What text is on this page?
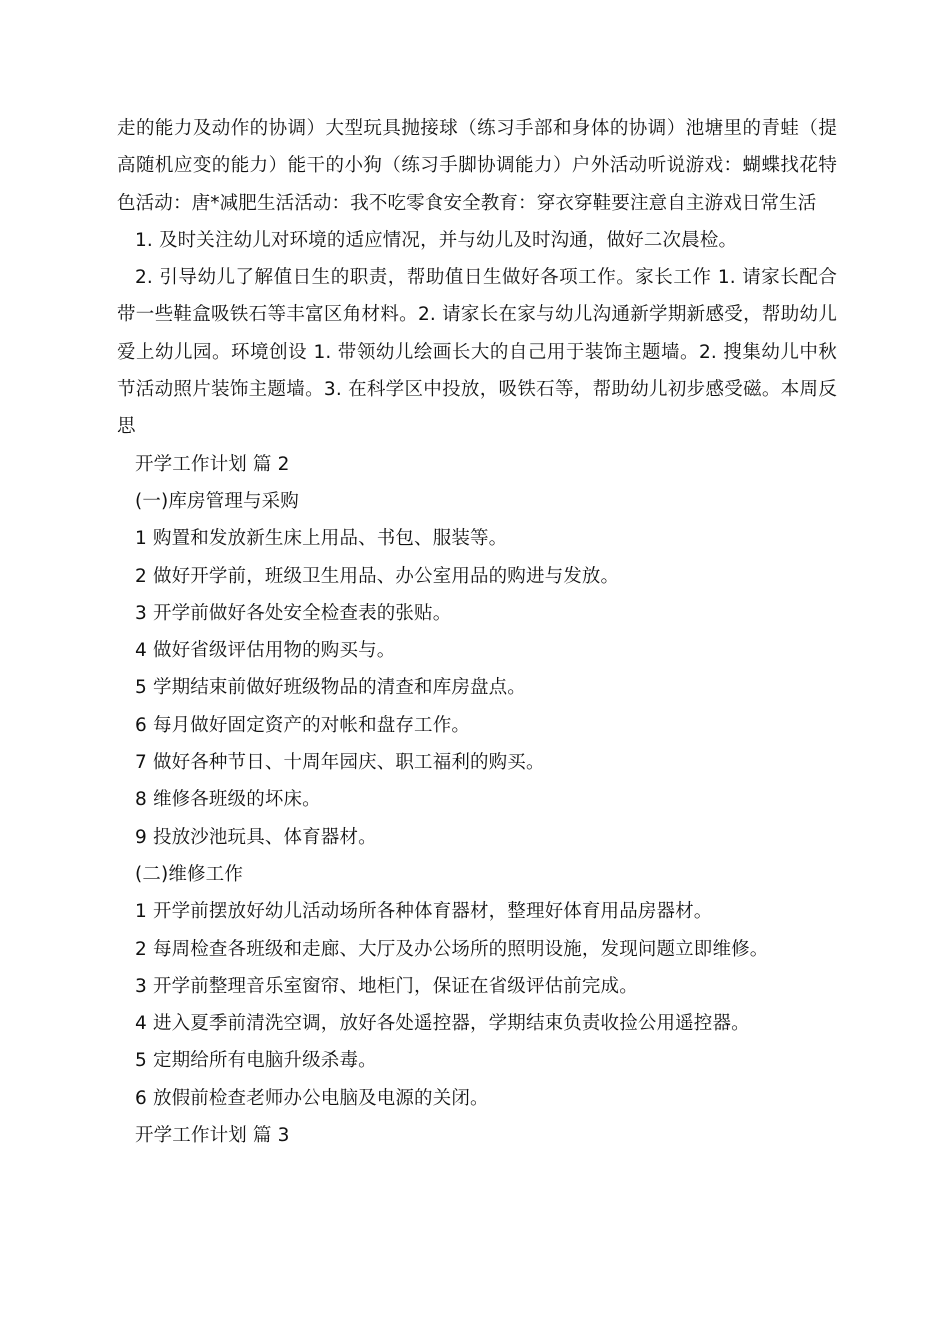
走的能力及动作的协调）大型玩具抛接球（练习手部和身体的协调）池塘里的青蛙（提高随机应变的能力）能干的小狗（练习手脚协调能力）户外活动听说游戏：蝴蝶找花特色活动：唐*减肥生活活动：我不吃零食安全教育：穿衣穿鞋要注意自主游戏日常生活

1. 及时关注幼儿对环境的适应情况，并与幼儿及时沟通，做好二次晨检。

2. 引导幼儿了解值日生的职责，帮助值日生做好各项工作。家长工作 1. 请家长配合带一些鞋盒吸铁石等丰富区角材料。2. 请家长在家与幼儿沟通新学期新感受，帮助幼儿爱上幼儿园。环境创设 1. 带领幼儿绘画长大的自己用于装饰主题墙。2. 搜集幼儿中秋节活动照片装饰主题墙。3. 在科学区中投放，吸铁石等，帮助幼儿初步感受磁。本周反思

开学工作计划 篇 2

(一)库房管理与采购

1 购置和发放新生床上用品、书包、服装等。

2 做好开学前，班级卫生用品、办公室用品的购进与发放。

3 开学前做好各处安全检查表的张贴。

4 做好省级评估用物的购买与。

5 学期结束前做好班级物品的清查和库房盘点。

6 每月做好固定资产的对帐和盘存工作。

7 做好各种节日、十周年园庆、职工福利的购买。

8 维修各班级的坏床。

9 投放沙池玩具、体育器材。

(二)维修工作

1 开学前摆放好幼儿活动场所各种体育器材，整理好体育用品房器材。

2 每周检查各班级和走廊、大厅及办公场所的照明设施，发现问题立即维修。

3 开学前整理音乐室窗帘、地柜门，保证在省级评估前完成。

4 进入夏季前清洗空调，放好各处遥控器，学期结束负责收捡公用遥控器。

5 定期给所有电脑升级杀毒。

6 放假前检查老师办公电脑及电源的关闭。

开学工作计划 篇 3
